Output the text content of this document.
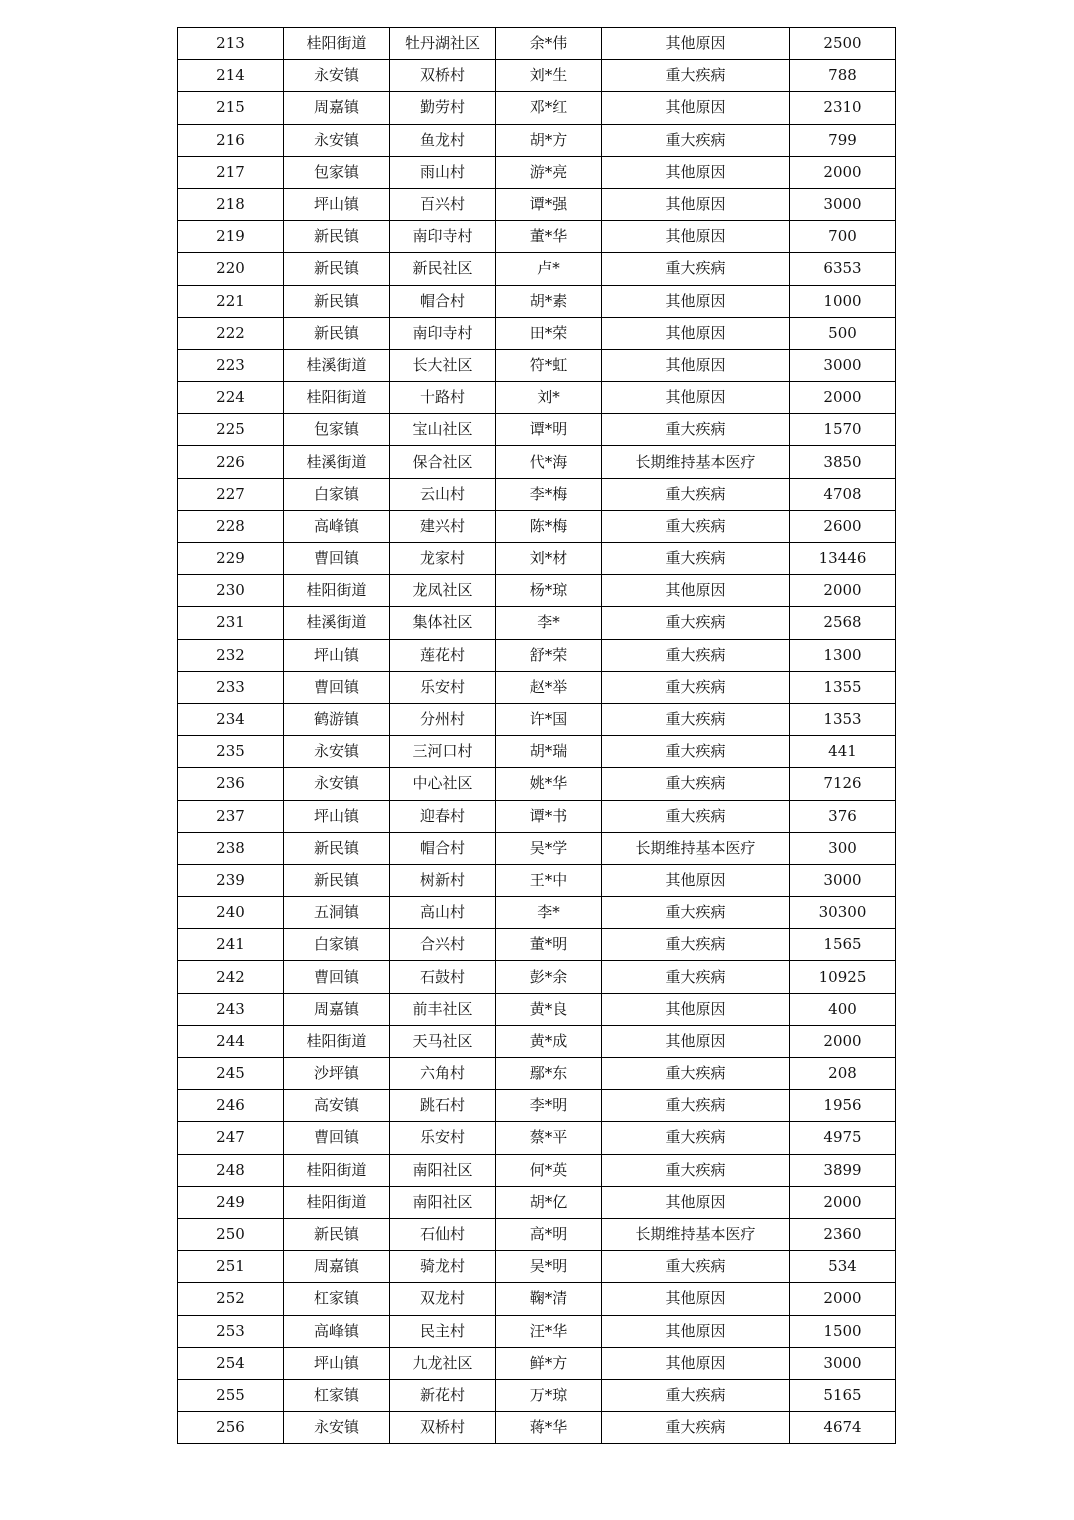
213	桂阳街道	牡丹湖社区	余*伟	其他原因	2500
214	永安镇	双桥村	刘*生	重大疾病	788
215	周嘉镇	勤劳村	邓*红	其他原因	2310
216	永安镇	鱼龙村	胡*方	重大疾病	799
217	包家镇	雨山村	游*亮	其他原因	2000
218	坪山镇	百兴村	谭*强	其他原因	3000
219	新民镇	南印寺村	董*华	其他原因	700
220	新民镇	新民社区	卢*	重大疾病	6353
221	新民镇	帽合村	胡*素	其他原因	1000
222	新民镇	南印寺村	田*荣	其他原因	500
223	桂溪街道	长大社区	符*虹	其他原因	3000
224	桂阳街道	十路村	刘*	其他原因	2000
225	包家镇	宝山社区	谭*明	重大疾病	1570
226	桂溪街道	保合社区	代*海	长期维持基本医疗	3850
227	白家镇	云山村	李*梅	重大疾病	4708
228	高峰镇	建兴村	陈*梅	重大疾病	2600
229	曹回镇	龙家村	刘*材	重大疾病	13446
230	桂阳街道	龙凤社区	杨*琼	其他原因	2000
231	桂溪街道	集体社区	李*	重大疾病	2568
232	坪山镇	莲花村	舒*荣	重大疾病	1300
233	曹回镇	乐安村	赵*举	重大疾病	1355
234	鹤游镇	分州村	许*国	重大疾病	1353
235	永安镇	三河口村	胡*瑞	重大疾病	441
236	永安镇	中心社区	姚*华	重大疾病	7126
237	坪山镇	迎春村	谭*书	重大疾病	376
238	新民镇	帽合村	吴*学	长期维持基本医疗	300
239	新民镇	树新村	王*中	其他原因	3000
240	五洞镇	高山村	李*	重大疾病	30300
241	白家镇	合兴村	董*明	重大疾病	1565
242	曹回镇	石鼓村	彭*余	重大疾病	10925
243	周嘉镇	前丰社区	黄*良	其他原因	400
244	桂阳街道	天马社区	黄*成	其他原因	2000
245	沙坪镇	六角村	鄢*东	重大疾病	208
246	高安镇	跳石村	李*明	重大疾病	1956
247	曹回镇	乐安村	蔡*平	重大疾病	4975
248	桂阳街道	南阳社区	何*英	重大疾病	3899
249	桂阳街道	南阳社区	胡*亿	其他原因	2000
250	新民镇	石仙村	高*明	长期维持基本医疗	2360
251	周嘉镇	骑龙村	吴*明	重大疾病	534
252	杠家镇	双龙村	鞠*清	其他原因	2000
253	高峰镇	民主村	汪*华	其他原因	1500
254	坪山镇	九龙社区	鲜*方	其他原因	3000
255	杠家镇	新花村	万*琼	重大疾病	5165
256	永安镇	双桥村	蒋*华	重大疾病	4674
